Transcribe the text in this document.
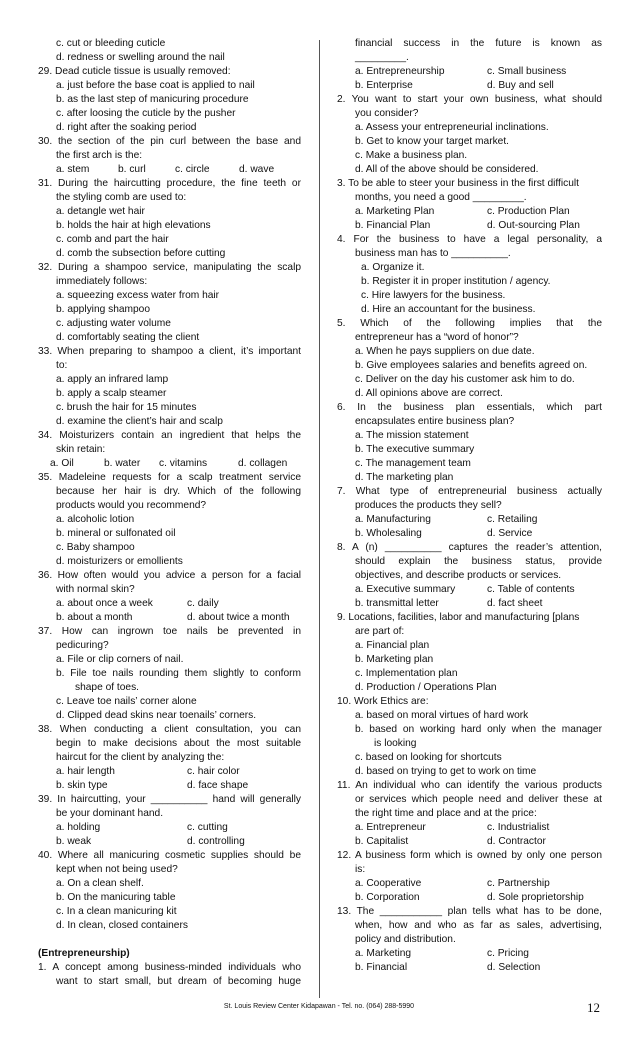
c. cut or bleeding cuticle
d. redness or swelling around the nail
29. Dead cuticle tissue is usually removed:
a. just before the base coat is applied to nail
b. as the last step of manicuring procedure
c. after loosing the cuticle by the pusher
d. right after the soaking period
30. the section of the pin curl between the base and
the first arch is the:
a. stem	b. curl	c. circle	d. wave
31. During the haircutting procedure, the fine teeth or
the styling comb are used to:
a. detangle wet hair
b. holds the hair at high elevations
c. comb and part the hair
d. comb the subsection before cutting
32. During a shampoo service, manipulating the scalp
immediately follows:
a. squeezing excess water from hair
b. applying shampoo
c. adjusting water volume
d. comfortably seating the client
33. When preparing to shampoo a client, it’s important
to:
a. apply an infrared lamp
b. apply a scalp steamer
c. brush the hair for 15 minutes
d. examine the client’s hair and scalp
34. Moisturizers contain an ingredient that helps the
skin retain:
a. Oil	b. water c. vitamins	d. collagen
35. Madeleine requests for a scalp treatment service
because her hair is dry. Which of the following
products would you recommend?
a. alcoholic lotion
b. mineral or sulfonated oil
c. Baby shampoo
d. moisturizers or emollients
36. How often would you advice a person for a facial
with normal skin?
a. about once a week	c. daily
b. about a month	d. about twice a month
37. How can ingrown toe nails be prevented in
pedicuring?
a. File or clip corners of nail.
b. File toe nails rounding them slightly to conform
shape of toes.
c. Leave toe nails’ corner alone
d. Clipped dead skins near toenails’ corners.
38. When conducting a client consultation, you can
begin to make decisions about the most suitable
haircut for the client by analyzing the:
a. hair length	c. hair color
b. skin type	d. face shape
39. In haircutting, your __________ hand will generally
be your dominant hand.
a. holding	c. cutting
b. weak	d. controlling
40. Where all manicuring cosmetic supplies should be
kept when not being used?
a. On a clean shelf.
b. On the manicuring table
c. In a clean manicuring kit
d. In clean, closed containers
(Entrepreneurship)
1. A concept among business-minded individuals who
want to start small, but dream of becoming huge
financial success in the future is known as
_________.
a. Entrepreneurship	c. Small business
b. Enterprise	d. Buy and sell
2. You want to start your own business, what should
you consider?
a. Assess your entrepreneurial inclinations.
b. Get to know your target market.
c. Make a business plan.
d. All of the above should be considered.
3. To be able to steer your business in the first difficult
months, you need a good _________.
a. Marketing Plan	c. Production Plan
b. Financial Plan	d. Out-sourcing Plan
4. For the business to have a legal personality, a
business man has to __________.
a. Organize it.
b. Register it in proper institution / agency.
c. Hire lawyers for the business.
d. Hire an accountant for the business.
5. Which of the following implies that the
entrepreneur has a “word of honor”?
a. When he pays suppliers on due date.
b. Give employees salaries and benefits agreed on.
c. Deliver on the day his customer ask him to do.
d. All opinions above are correct.
6. In the business plan essentials, which part
encapsulates entire business plan?
a. The mission statement
b. The executive summary
c. The management team
d. The marketing plan
7. What type of entrepreneurial business actually
produces the products they sell?
a. Manufacturing	c. Retailing
b. Wholesaling	d. Service
8. A (n) __________ captures the reader’s attention,
should explain the business status, provide
objectives, and describe products or services.
a. Executive summary	c. Table of contents
b. transmittal letter	d. fact sheet
9. Locations, facilities, labor and manufacturing [plans
are part of:
a. Financial plan
b. Marketing plan
c. Implementation plan
d. Production / Operations Plan
10. Work Ethics are:
a. based on moral virtues of hard work
b. based on working hard only when the manager
is looking
c. based on looking for shortcuts
d. based on trying to get to work on time
11. An individual who can identify the various products
or services which people need and deliver these at
the right time and place and at the price:
a. Entrepreneur	c. Industrialist
b. Capitalist	d. Contractor
12. A business form which is owned by only one person
is:
a. Cooperative	c. Partnership
b. Corporation	d. Sole proprietorship
13. The ___________ plan tells what has to be done,
when, how and who as far as sales, advertising,
policy and distribution.
a. Marketing	c. Pricing
b. Financial	d. Selection
St. Louis Review Center Kidapawan - Tel. no. (064) 288-5990	12
